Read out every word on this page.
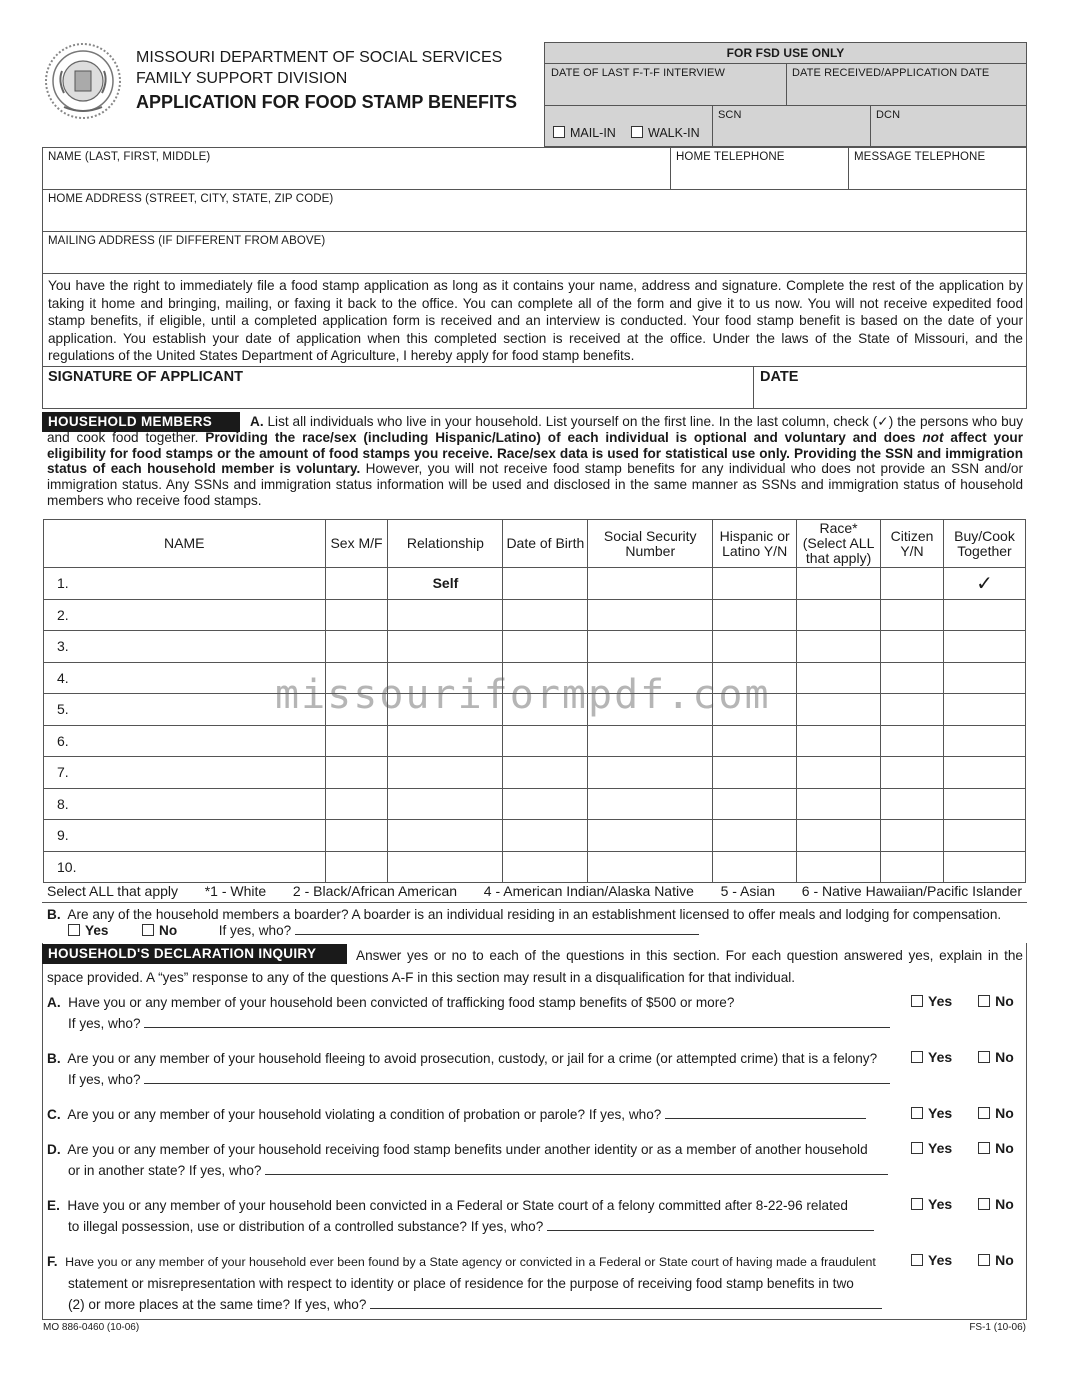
MISSOURI DEPARTMENT OF SOCIAL SERVICES
FAMILY SUPPORT DIVISION
APPLICATION FOR FOOD STAMP BENEFITS
FOR FSD USE ONLY
DATE OF LAST F-T-F INTERVIEW	DATE RECEIVED/APPLICATION DATE
SCN	DCN
MAIL-IN	WALK-IN
NAME (LAST, FIRST, MIDDLE)	HOME TELEPHONE	MESSAGE TELEPHONE
HOME ADDRESS (STREET, CITY, STATE, ZIP CODE)
MAILING ADDRESS (IF DIFFERENT FROM ABOVE)
You have the right to immediately file a food stamp application as long as it contains your name, address and signature. Complete the rest of the application by taking it home and bringing, mailing, or faxing it back to the office. You can complete all of the form and give it to us now. You will not receive expedited food stamp benefits, if eligible, until a completed application form is received and an interview is conducted. Your food stamp benefit is based on the date of your application. You establish your date of application when this completed section is received at the office. Under the laws of the State of Missouri, and the regulations of the United States Department of Agriculture, I hereby apply for food stamp benefits.
SIGNATURE OF APPLICANT	DATE
HOUSEHOLD MEMBERS	A. List all individuals who live in your household. List yourself on the first line. In the last column, check (✓) the persons who buy and cook food together. Providing the race/sex (including Hispanic/Latino) of each individual is optional and voluntary and does not affect your eligibility for food stamps or the amount of food stamps you receive. Race/sex data is used for statistical use only. Providing the SSN and immigration status of each household member is voluntary. However, you will not receive food stamp benefits for any individual who does not provide an SSN and/or immigration status. Any SSNs and immigration status information will be used and disclosed in the same manner as SSNs and immigration status of household members who receive food stamps.
NAME	Sex M/F	Relationship	Date of Birth	Social Security Number	Hispanic or Latino Y/N	Race* (Select ALL that apply)	Citizen Y/N	Buy/Cook Together
1.		Self						✓
2.								
3.								
4.								
5.								
6.								
7.								
8.								
9.								
10.								
missouriformpdf.com
Select ALL that apply *1 - White 2 - Black/African American 4 - American Indian/Alaska Native 5 - Asian 6 - Native Hawaiian/Pacific Islander
B. Are any of the household members a boarder? A boarder is an individual residing in an establishment licensed to offer meals and lodging for compensation.
Yes	No	If yes, who?
HOUSEHOLD'S DECLARATION INQUIRY	Answer yes or no to each of the questions in this section. For each question answered yes, explain in the space provided. A “yes” response to any of the questions A-F in this section may result in a disqualification for that individual.
A. Have you or any member of your household been convicted of trafficking food stamp benefits of $500 or more?
If yes, who?
Yes	No
B. Are you or any member of your household fleeing to avoid prosecution, custody, or jail for a crime (or attempted crime) that is a felony?
If yes, who?
Yes	No
C. Are you or any member of your household violating a condition of probation or parole? If yes, who?	Yes	No
D. Are you or any member of your household receiving food stamp benefits under another identity or as a member of another household
or in another state? If yes, who?
Yes	No
E. Have you or any member of your household been convicted in a Federal or State court of a felony committed after 8-22-96 related
to illegal possession, use or distribution of a controlled substance? If yes, who?
Yes	No
F. Have you or any member of your household ever been found by a State agency or convicted in a Federal or State court of having made a fraudulent
statement or misrepresentation with respect to identity or place of residence for the purpose of receiving food stamp benefits in two
(2) or more places at the same time? If yes, who?
Yes	No
MO 886-0460 (10-06)	FS-1 (10-06)
